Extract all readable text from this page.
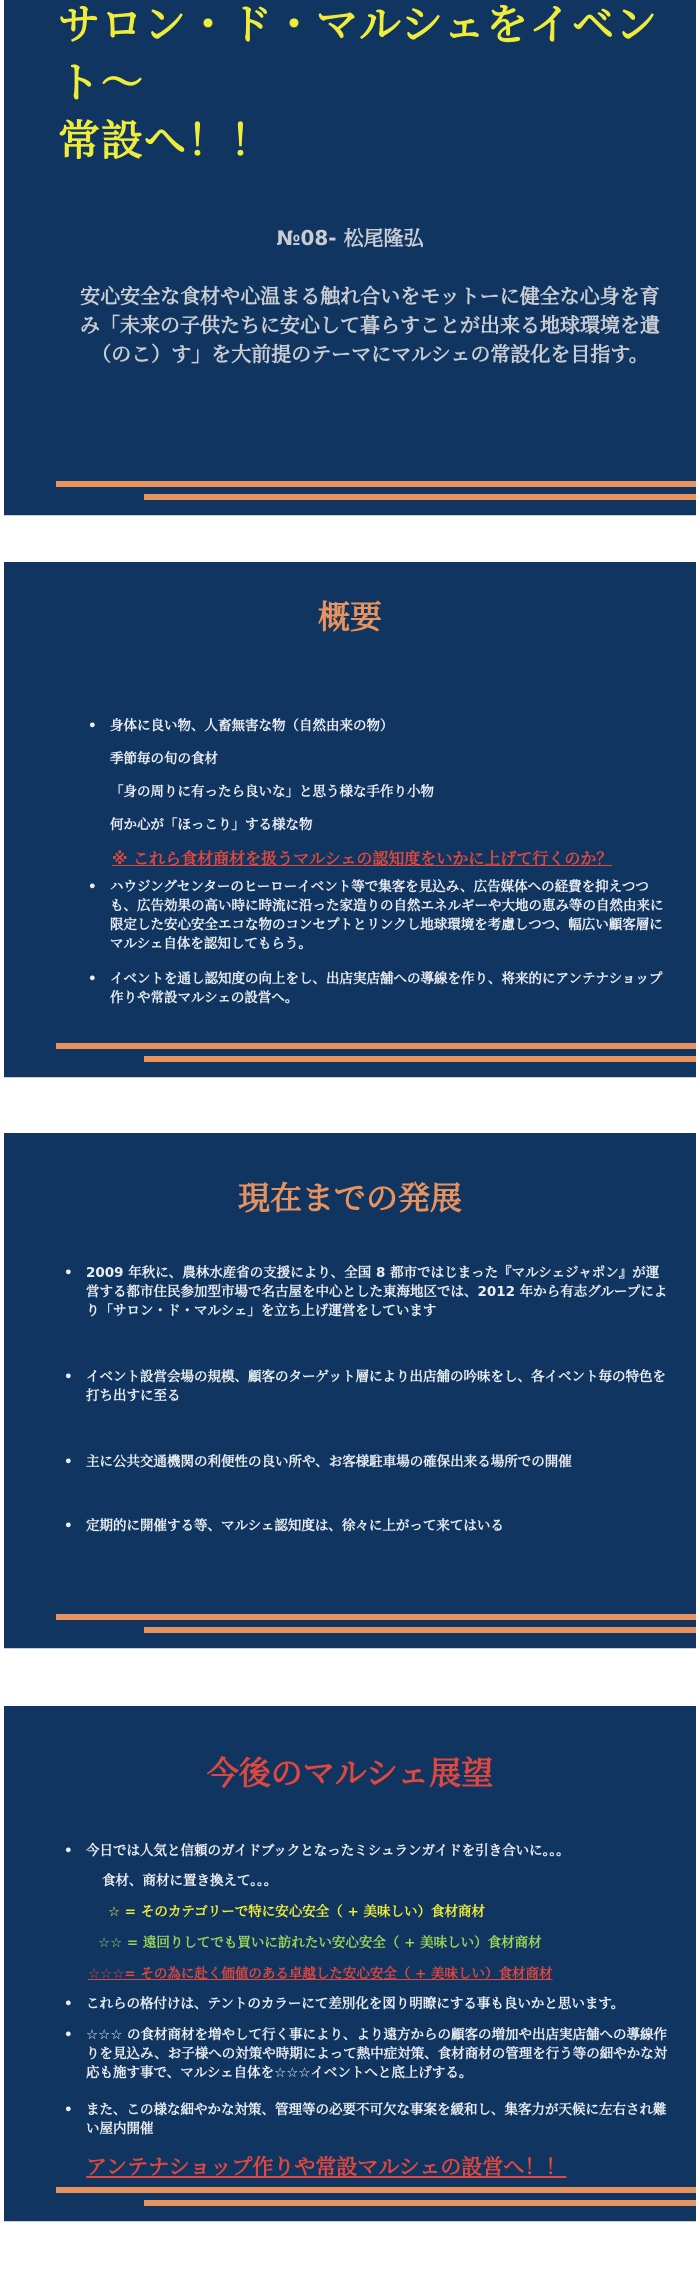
サロン・ド・マルシェをイベント〜
常設へ！！

№08- 松尾隆弘

安心安全な食材や心温まる触れ合いをモットーに健全な心身を育み「未来の子供たちに安心して暮らすことが出来る地球環境を遺（のこ）す」を大前提のテーマにマルシェの常設化を目指す。

概要
• 身体に良い物、人畜無害な物（自然由来の物）

季節毎の旬の食材

「身の周りに有ったら良いな」と思う様な手作り小物

何か心が「ほっこり」する様な物

※ これら食材商材を扱うマルシェの認知度をいかに上げて行くのか？

• ハウジングセンターのヒーローイベント等で集客を見込み、広告媒体への経費を抑えつつも、広告効果の高い時に時流に沿った家造りの自然エネルギーや大地の恵み等の自然由来に限定した安心安全エコな物のコンセプトとリンクし地球環境を考慮しつつ、幅広い顧客層にマルシェ自体を認知してもらう。
• イベントを通し認知度の向上をし、出店実店舗への導線を作り、将来的にアンテナショップ作りや常設マルシェの設営へ。
現在までの発展
• 2009 年秋に、農林水産省の支援により、全国 8 都市ではじまった『マルシェジャポン』が運営する都市住民参加型市場で名古屋を中心とした東海地区では、2012 年から有志グループにより「サロン・ド・マルシェ」を立ち上げ運営をしています
• イベント設営会場の規模、顧客のターゲット層により出店舗の吟味をし、各イベント毎の特色を打ち出すに至る
• 主に公共交通機関の利便性の良い所や、お客様駐車場の確保出来る場所での開催
• 定期的に開催する等、マルシェ認知度は、徐々に上がって来てはいる
今後のマルシェ展望
• 今日では人気と信頼のガイドブックとなったミシュランガイドを引き合いに。。。

食材、商材に置き換えて。。。

☆ = そのカテゴリーで特に安心安全（ + 美味しい）食材商材

☆☆ = 遠回りしてでも買いに訪れたい安心安全（ + 美味しい）食材商材

☆☆☆= その為に赴く価値のある卓越した安心安全（ + 美味しい）食材商材

• これらの格付けは、テントのカラーにて差別化を図り明瞭にする事も良いかと思います。
• ☆☆☆ の食材商材を増やして行く事により、より遠方からの顧客の増加や出店実店舗への導線作りを見込み、お子様への対策や時期によって熱中症対策、食材商材の管理を行う等の細やかな対応も施す事で、マルシェ自体を☆☆☆イベントへと底上げする。
• また、この様な細やかな対策、管理等の必要不可欠な事案を緩和し、集客力が天候に左右され難い屋内開催

アンテナショップ作りや常設マルシェの設営へ！！
